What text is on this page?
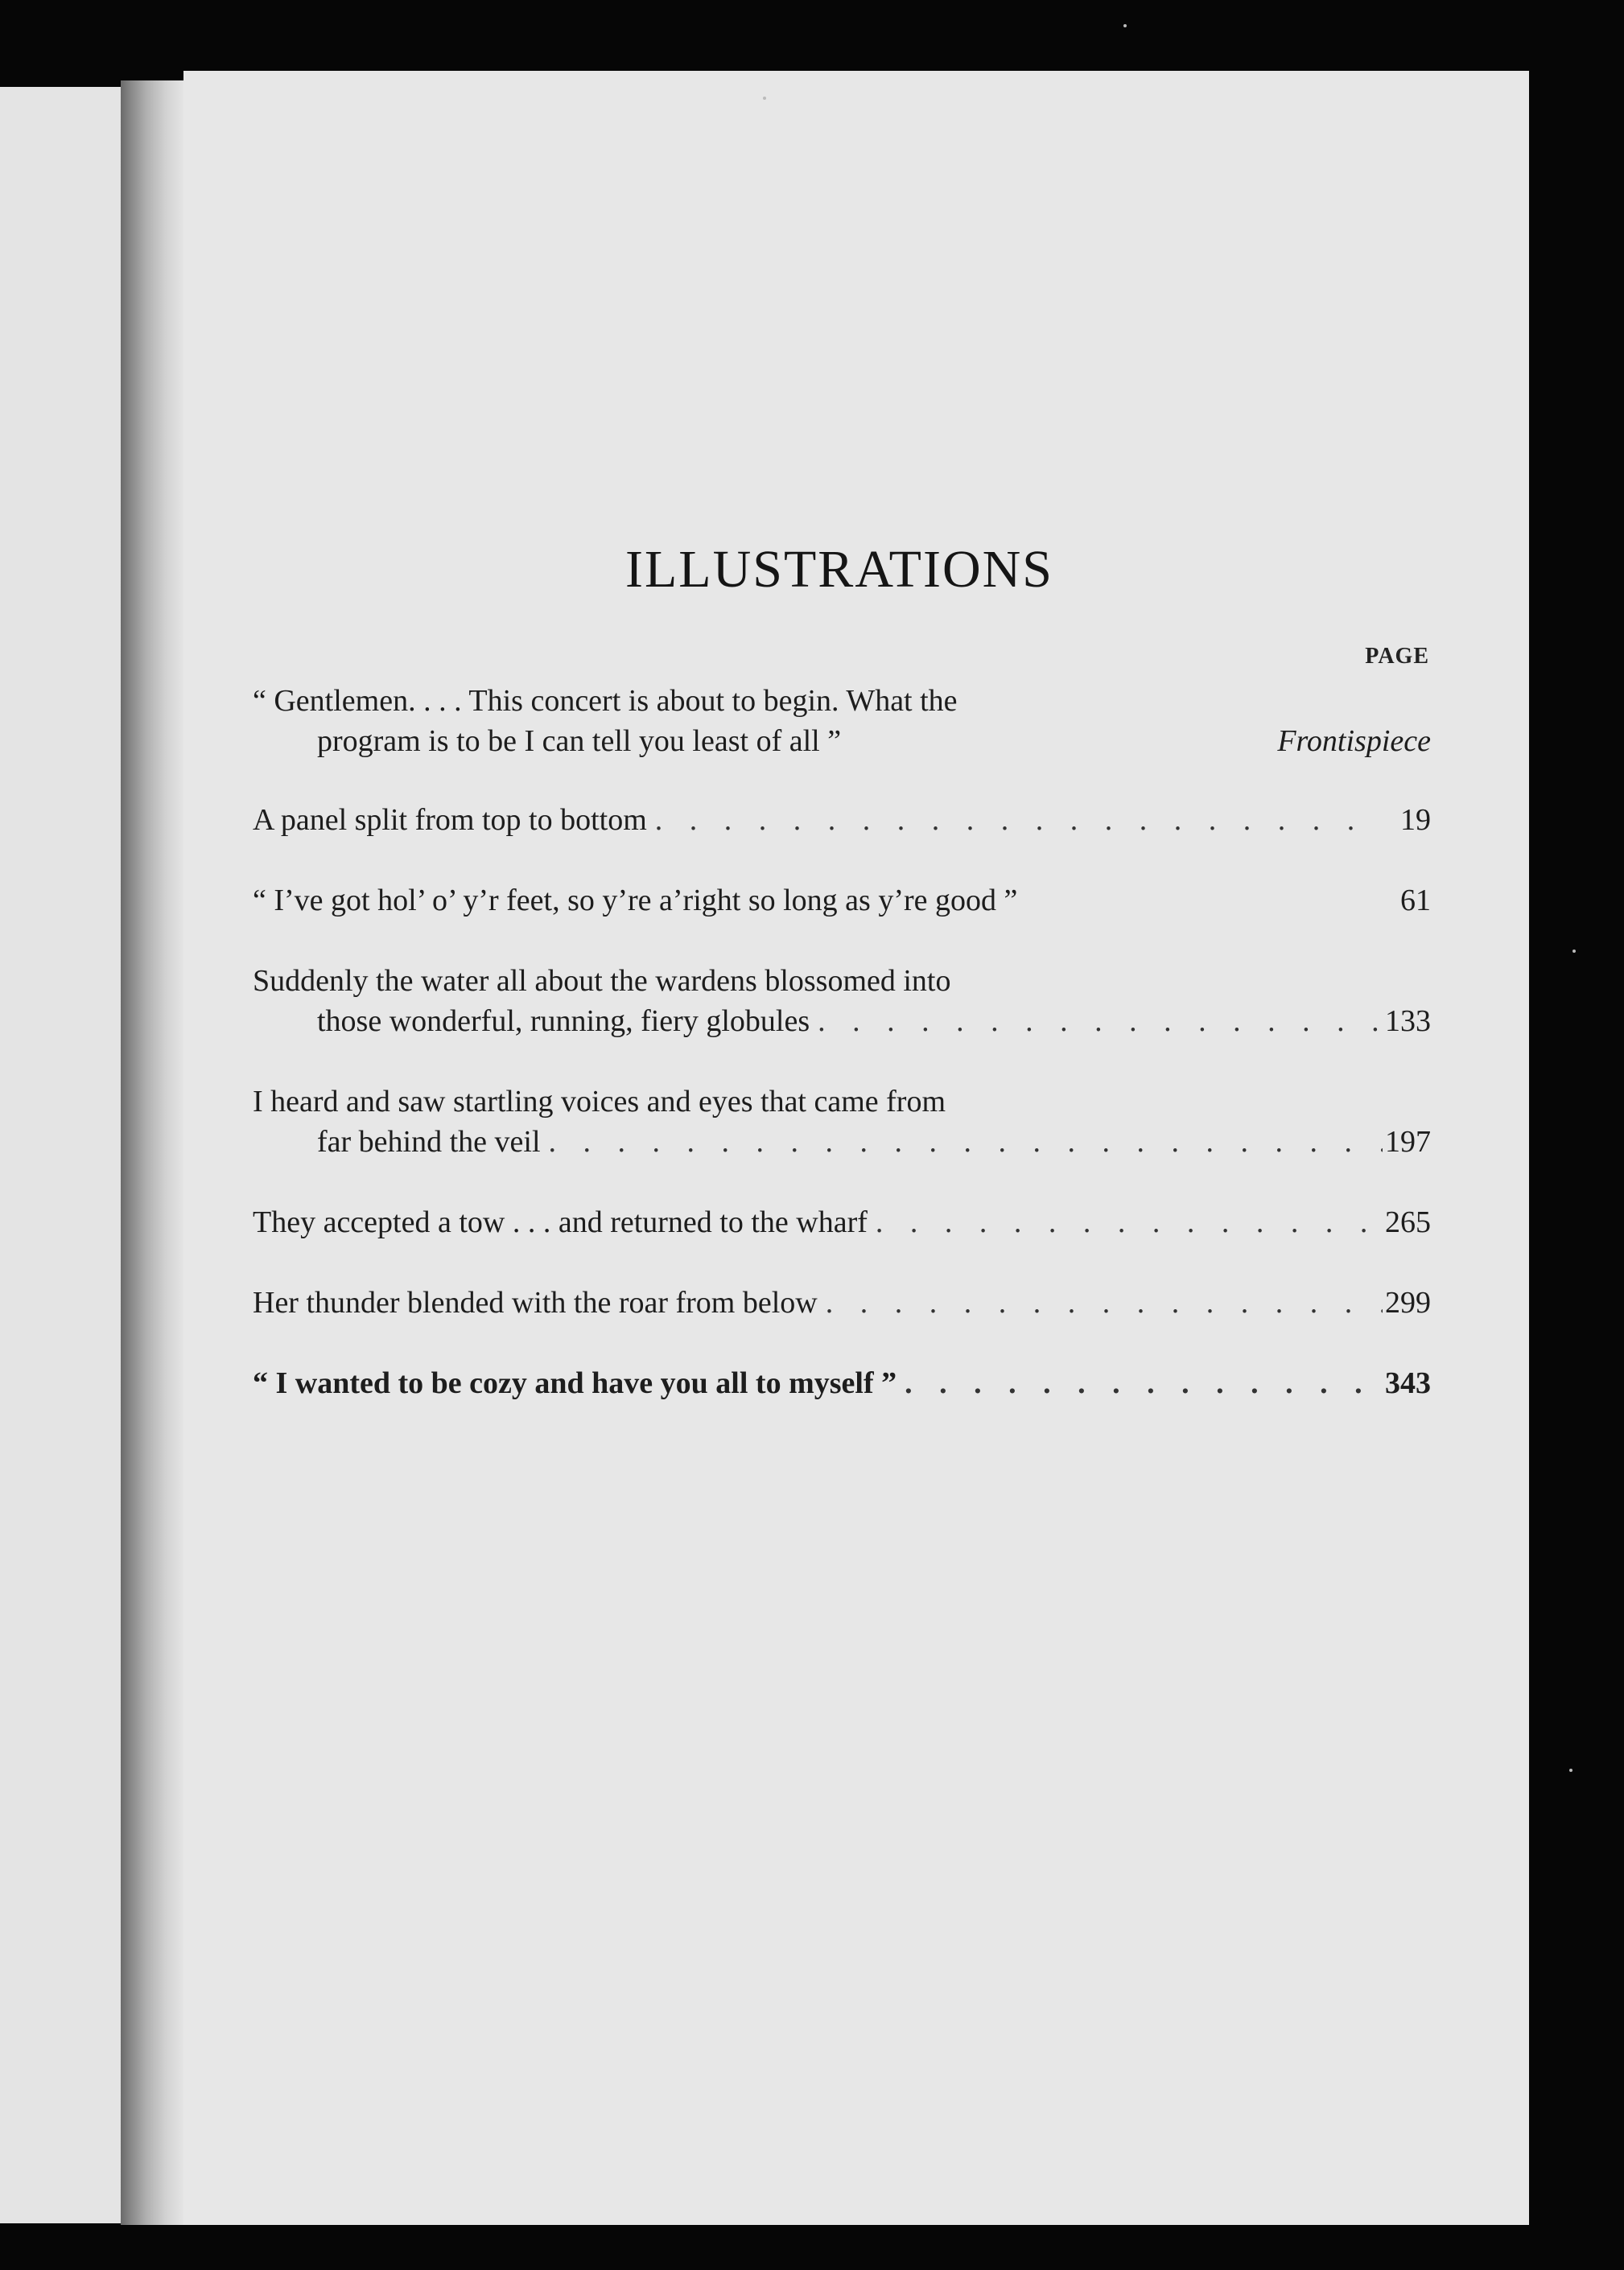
ILLUSTRATIONS
PAGE
“ Gentlemen. . . . This concert is about to begin. What the
program is to be I can tell you least of all ”	Frontispiece
A panel split from top to bottom . . .	19
“ I’ve got hol’ o’ y’r feet, so y’re a’right so long as y’re good ”	61
Suddenly the water all about the wardens blossomed into
those wonderful, running, fiery globules . . .	133
I heard and saw startling voices and eyes that came from
far behind the veil . . .	197
They accepted a tow . . . and returned to the wharf . . .	265
Her thunder blended with the roar from below . . .	299
“ I wanted to be cozy and have you all to myself ” . . .	343
